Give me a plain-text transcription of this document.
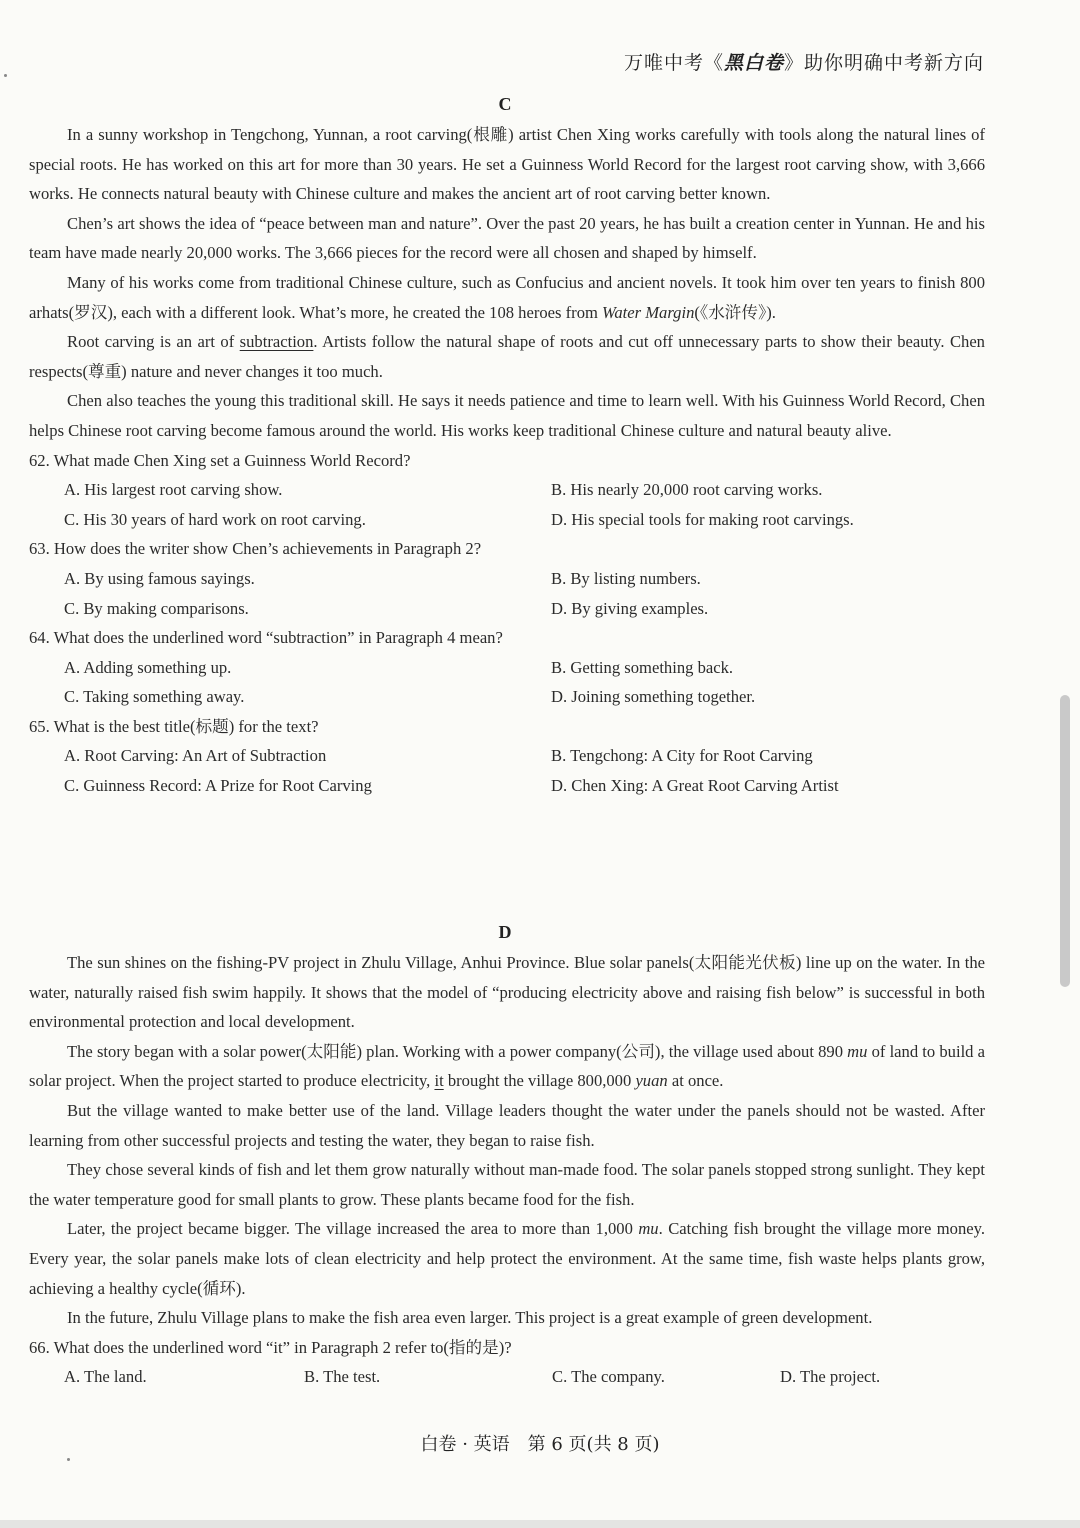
万唯中考《黑白卷》助你明确中考新方向
C

In a sunny workshop in Tengchong, Yunnan, a root carving(根雕) artist Chen Xing works carefully with tools along the natural lines of special roots. He has worked on this art for more than 30 years. He set a Guinness World Record for the largest root carving show, with 3,666 works. He connects natural beauty with Chinese culture and makes the ancient art of root carving better known.

Chen’s art shows the idea of “peace between man and nature”. Over the past 20 years, he has built a creation center in Yunnan. He and his team have made nearly 20,000 works. The 3,666 pieces for the record were all chosen and shaped by himself.

Many of his works come from traditional Chinese culture, such as Confucius and ancient novels. It took him over ten years to finish 800 arhats(罗汉), each with a different look. What’s more, he created the 108 heroes from Water Margin(《水浒传》).

Root carving is an art of subtraction. Artists follow the natural shape of roots and cut off unnecessary parts to show their beauty. Chen respects(尊重) nature and never changes it too much.

Chen also teaches the young this traditional skill. He says it needs patience and time to learn well. With his Guinness World Record, Chen helps Chinese root carving become famous around the world. His works keep traditional Chinese culture and natural beauty alive.

62. What made Chen Xing set a Guinness World Record?
A. His largest root carving show.	B. His nearly 20,000 root carving works.
C. His 30 years of hard work on root carving.	D. His special tools for making root carvings.
63. How does the writer show Chen’s achievements in Paragraph 2?
A. By using famous sayings.	B. By listing numbers.
C. By making comparisons.	D. By giving examples.
64. What does the underlined word “subtraction” in Paragraph 4 mean?
A. Adding something up.	B. Getting something back.
C. Taking something away.	D. Joining something together.
65. What is the best title(标题) for the text?
A. Root Carving: An Art of Subtraction	B. Tengchong: A City for Root Carving
C. Guinness Record: A Prize for Root Carving	D. Chen Xing: A Great Root Carving Artist
D

The sun shines on the fishing-PV project in Zhulu Village, Anhui Province. Blue solar panels(太阳能光伏板) line up on the water. In the water, naturally raised fish swim happily. It shows that the model of “producing electricity above and raising fish below” is successful in both environmental protection and local development.

The story began with a solar power(太阳能) plan. Working with a power company(公司), the village used about 890 mu of land to build a solar project. When the project started to produce electricity, it brought the village 800,000 yuan at once.

But the village wanted to make better use of the land. Village leaders thought the water under the panels should not be wasted. After learning from other successful projects and testing the water, they began to raise fish.

They chose several kinds of fish and let them grow naturally without man-made food. The solar panels stopped strong sunlight. They kept the water temperature good for small plants to grow. These plants became food for the fish.

Later, the project became bigger. The village increased the area to more than 1,000 mu. Catching fish brought the village more money. Every year, the solar panels make lots of clean electricity and help protect the environment. At the same time, fish waste helps plants grow, achieving a healthy cycle(循环).

In the future, Zhulu Village plans to make the fish area even larger. This project is a great example of green development.

66. What does the underlined word “it” in Paragraph 2 refer to(指的是)?
A. The land.	B. The test.	C. The company.	D. The project.
白卷 · 英语　第 6 页(共 8 页)
